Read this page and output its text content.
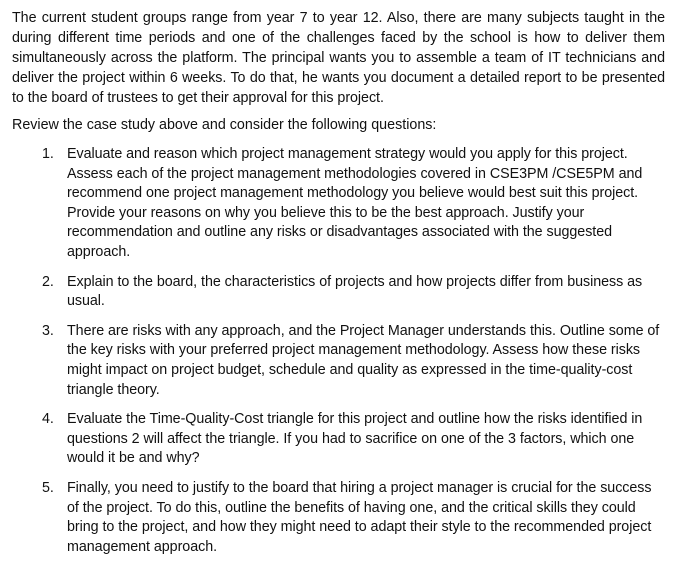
The current student groups range from year 7 to year 12. Also, there are many subjects taught in the during different time periods and one of the challenges faced by the school is how to deliver them simultaneously across the platform. The principal wants you to assemble a team of IT technicians and deliver the project within 6 weeks. To do that, he wants you document a detailed report to be presented to the board of trustees to get their approval for this project.

Review the case study above and consider the following questions:

1. Evaluate and reason which project management strategy would you apply for this project. Assess each of the project management methodologies covered in CSE3PM /CSE5PM and recommend one project management methodology you believe would best suit this project. Provide your reasons on why you believe this to be the best approach. Justify your recommendation and outline any risks or disadvantages associated with the suggested approach.
2. Explain to the board, the characteristics of projects and how projects differ from business as usual.
3. There are risks with any approach, and the Project Manager understands this. Outline some of the key risks with your preferred project management methodology. Assess how these risks might impact on project budget, schedule and quality as expressed in the time-quality-cost triangle theory.
4. Evaluate the Time-Quality-Cost triangle for this project and outline how the risks identified in questions 2 will affect the triangle. If you had to sacrifice on one of the 3 factors, which one would it be and why?
5. Finally, you need to justify to the board that hiring a project manager is crucial for the success of the project. To do this, outline the benefits of having one, and the critical skills they could bring to the project, and how they might need to adapt their style to the recommended project management approach.
